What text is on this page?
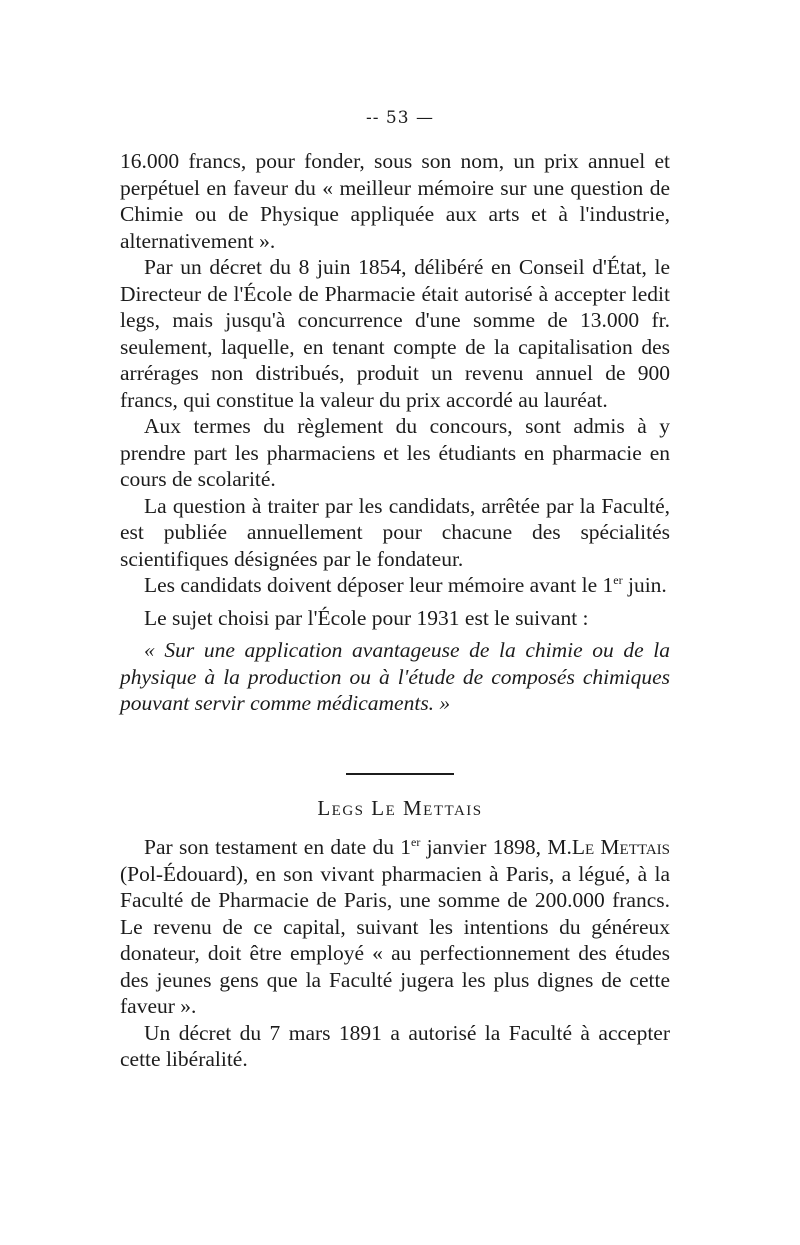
-- 53 —

16.000 francs, pour fonder, sous son nom, un prix annuel et perpétuel en faveur du « meilleur mémoire sur une question de Chimie ou de Physique appliquée aux arts et à l'industrie, alternativement ».

Par un décret du 8 juin 1854, délibéré en Conseil d'État, le Directeur de l'École de Pharmacie était autorisé à accepter ledit legs, mais jusqu'à concurrence d'une somme de 13.000 fr. seulement, laquelle, en tenant compte de la capitalisation des arrérages non distribués, produit un revenu annuel de 900 francs, qui constitue la valeur du prix accordé au lauréat.

Aux termes du règlement du concours, sont admis à y prendre part les pharmaciens et les étudiants en pharmacie en cours de scolarité.

La question à traiter par les candidats, arrêtée par la Faculté, est publiée annuellement pour chacune des spécialités scientifiques désignées par le fondateur.

Les candidats doivent déposer leur mémoire avant le 1er juin.

Le sujet choisi par l'École pour 1931 est le suivant :

« Sur une application avantageuse de la chimie ou de la physique à la production ou à l'étude de composés chimiques pouvant servir comme médicaments. »

Legs Le Mettais

Par son testament en date du 1er janvier 1898, M.Le Mettais (Pol-Édouard), en son vivant pharmacien à Paris, a légué, à la Faculté de Pharmacie de Paris, une somme de 200.000 francs. Le revenu de ce capital, suivant les intentions du généreux donateur, doit être employé « au perfectionnement des études des jeunes gens que la Faculté jugera les plus dignes de cette faveur ».

Un décret du 7 mars 1891 a autorisé la Faculté à accepter cette libéralité.
